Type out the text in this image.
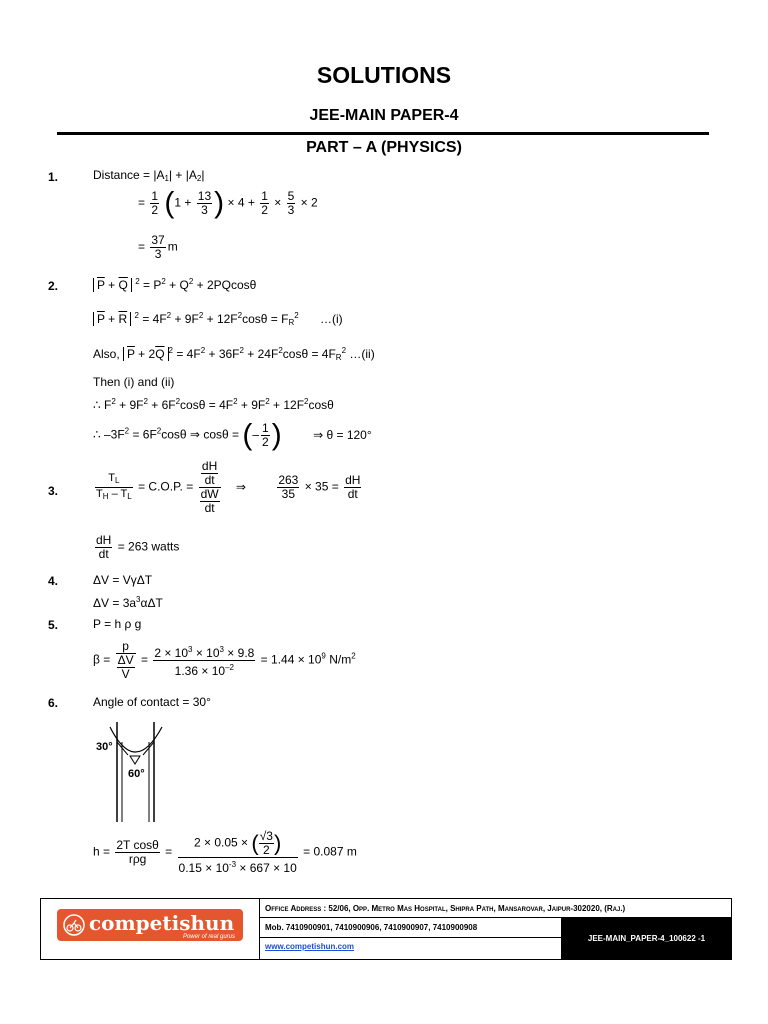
SOLUTIONS
JEE-MAIN PAPER-4
PART – A (PHYSICS)
1.	Distance = $|A_1| + |A_2|$
= $\frac{1}{2} (1 + \frac{13}{3}$ ) × $4 + \frac{1}{2} \times \frac{5}{3} \times 2$
= $\frac{37}{3}$ m
2.	$\overline{P} + \overline{Q}$ $^2 = P^2 + Q^2 + 2PQcos\theta$
$\overline{P} + \overline{R}$ $^2 = 4F^2 + 9F^2 + 12F^2\cos\theta = F_R^2$ …(i)
Also, $\overline{P} + 2\overline{Q}$ $^2 = 4F^2 + 36F^2 + 24F^2\cos\theta = 4F_R^2$ …(ii)
Then (i) and (ii)
∴ $F^2 + 9F^2 + 6F^2\cos\theta = 4F^2 + 9F^2 + 12F^2\cos\theta$
∴ $-3F^2 = 6F^2\cos\theta$ ⇒ cosθ = (– $\frac{1}{2}$ )	⇒ θ = 120°
3.	$\frac{T_L}{T_H - T_L} = C.O.P$. = $\frac{\frac{dH}{dt}}{\frac{dW}{dt}}$ ⇒	$\frac{263}{35} \times 35 = \frac{dH}{dt}$
$\frac{dH}{dt} = 263$ watts
4.	ΔV = VγΔT
$\Delta V = 3a^3\alpha\Delta T$
5.	P = h ρ g
$\beta = \frac{p}{\frac{\Delta V}{V}} = \frac{2 \times 10^3 \times 10^3 \times 9.8}{1.36 \times 10^{-2}} = 1.44 \times 10^9$ $N/m^2$
6.	Angle of contact = 30°
30°
60°
$h = \frac{\text{2T cosθ}}{\text{rρg}} = \frac{2 \times 0.05 \times ( \frac{√3}{2} )}{0.15 \times 10^{-3} \times 667 \times 10} = 0.087$ m
competishun
Power of real gurus
Office Address : 52/06, Opp. Metro Mas Hospital, Shipra Path, Mansarovar, Jaipur-302020, (Raj.)
Mob. 7410900901, 7410900906, 7410900907, 7410900908
www.competishun.com
JEE-MAIN_PAPER-4_100622 -1
